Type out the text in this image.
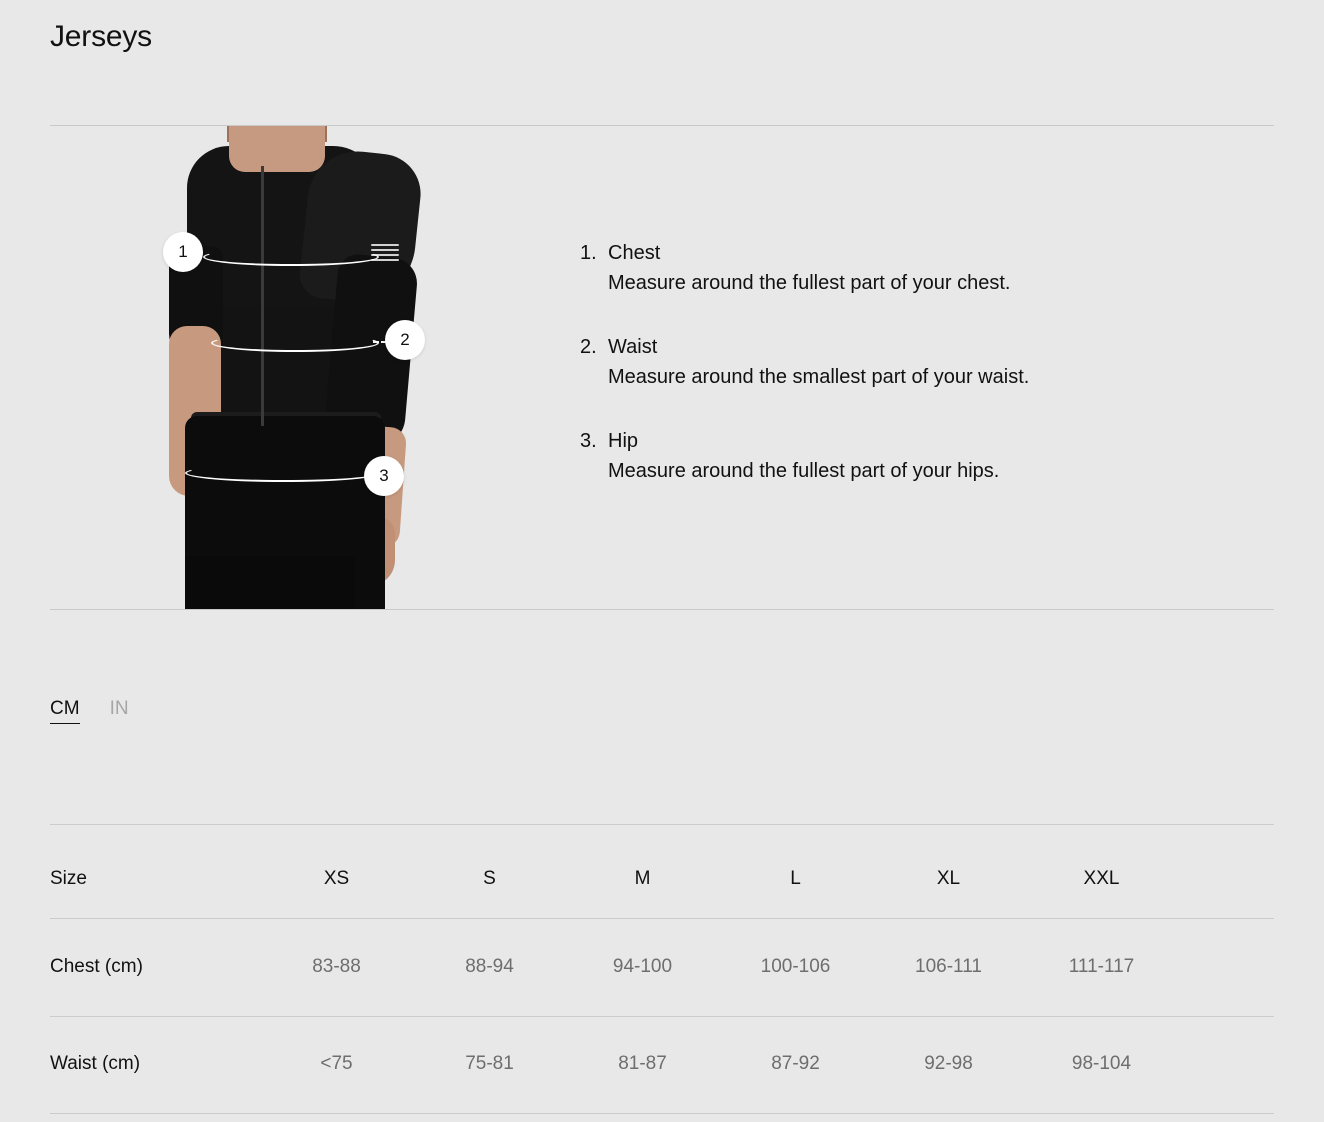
Jerseys
1
2
3
1. Chest
Measure around the fullest part of your chest.
2. Waist
Measure around the smallest part of your waist.
3. Hip
Measure around the fullest part of your hips.
CM IN
Size	XS	S	M	L	XL	XXL
Chest (cm)	83-88	88-94	94-100	100-106	106-111	111-117
Waist (cm)	<75	75-81	81-87	87-92	92-98	98-104
